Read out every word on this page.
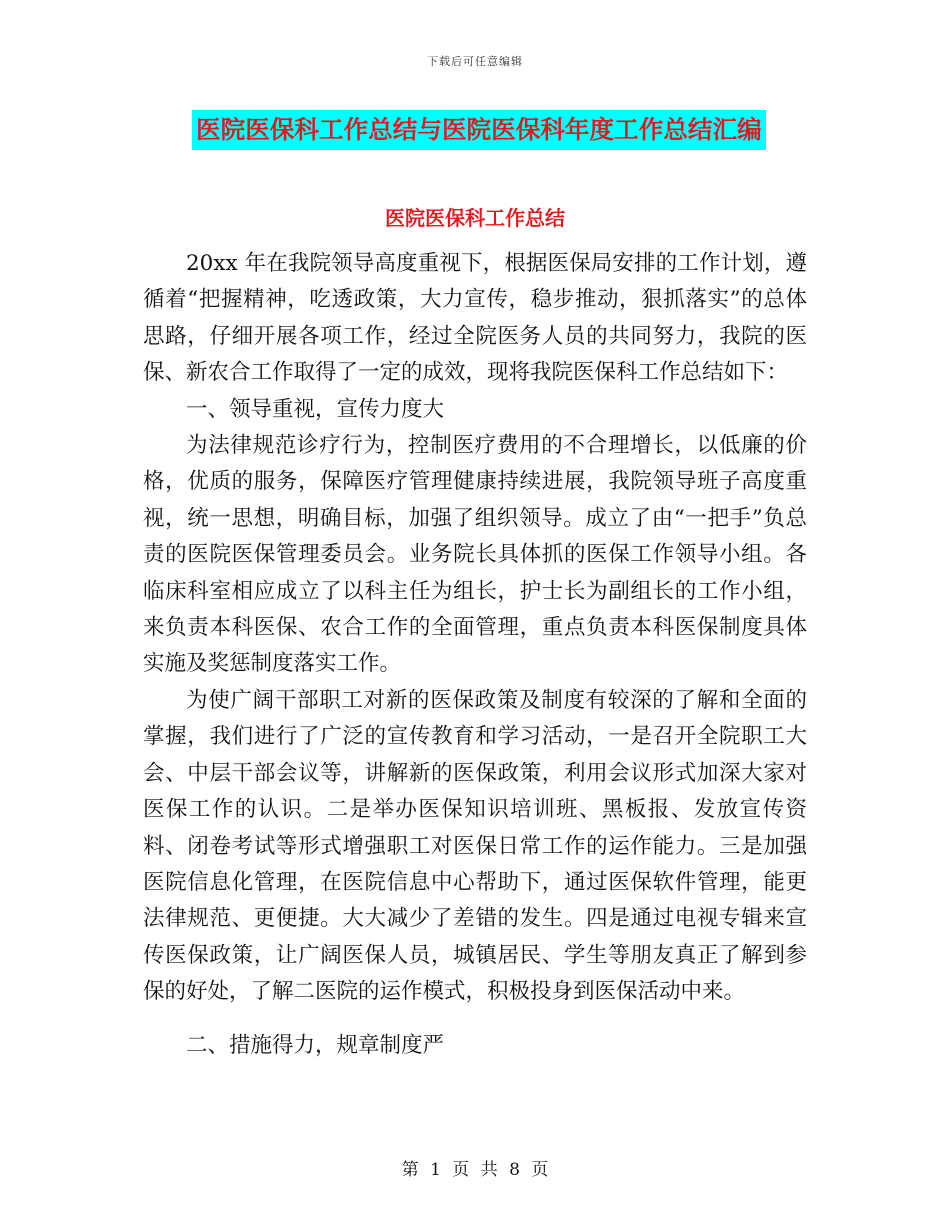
下载后可任意编辑
医院医保科工作总结与医院医保科年度工作总结汇编
医院医保科工作总结

20xx 年在我院领导高度重视下，根据医保局安排的工作计划，遵循着“把握精神，吃透政策，大力宣传，稳步推动，狠抓落实”的总体思路，仔细开展各项工作，经过全院医务人员的共同努力，我院的医保、新农合工作取得了一定的成效，现将我院医保科工作总结如下：

一、领导重视，宣传力度大

为法律规范诊疗行为，控制医疗费用的不合理增长，以低廉的价格，优质的服务，保障医疗管理健康持续进展，我院领导班子高度重视，统一思想，明确目标，加强了组织领导。成立了由“一把手”负总责的医院医保管理委员会。业务院长具体抓的医保工作领导小组。各临床科室相应成立了以科主任为组长，护士长为副组长的工作小组，来负责本科医保、农合工作的全面管理，重点负责本科医保制度具体实施及奖惩制度落实工作。

为使广阔干部职工对新的医保政策及制度有较深的了解和全面的掌握，我们进行了广泛的宣传教育和学习活动，一是召开全院职工大会、中层干部会议等，讲解新的医保政策，利用会议形式加深大家对医保工作的认识。二是举办医保知识培训班、黑板报、发放宣传资料、闭卷考试等形式增强职工对医保日常工作的运作能力。三是加强医院信息化管理，在医院信息中心帮助下，通过医保软件管理，能更法律规范、更便捷。大大减少了差错的发生。四是通过电视专辑来宣传医保政策，让广阔医保人员，城镇居民、学生等朋友真正了解到参保的好处，了解二医院的运作模式，积极投身到医保活动中来。

二、措施得力，规章制度严

第 1 页 共 8 页
